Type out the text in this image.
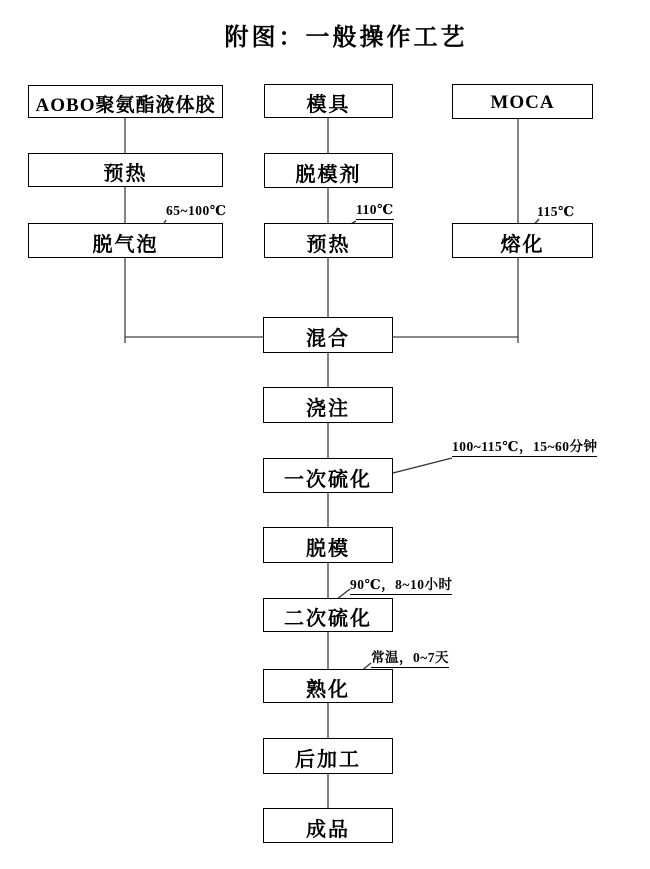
附图：一般操作工艺
AOBO聚氨酯液体胶
预热
脱气泡
模具
脱模剂
预热
MOCA
熔化
混合
浇注
一次硫化
脱模
二次硫化
熟化
后加工
成品
65~100℃	110℃	115℃
100~115℃，15~60分钟
90℃，8~10小时
常温，0~7天
